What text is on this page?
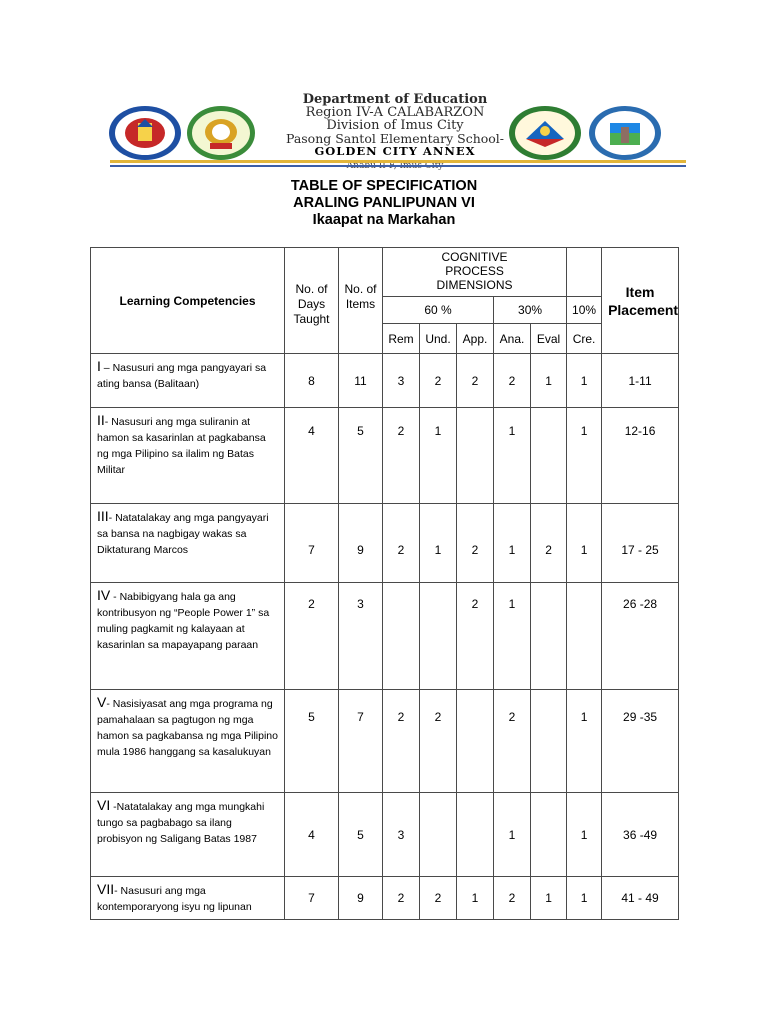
Department of Education
Region IV-A CALABARZON
Division of Imus City
Pasong Santol Elementary School-
GOLDEN CITY ANNEX
TABLE OF SPECIFICATION
ARALING PANLIPUNAN VI
Ikaapat na Markahan
Learning Competencies	No. of Days Taught	No. of Items	COGNITIVE PROCESS DIMENSIONS						Item Placement

			60 %			30%		10%	
			Rem	Und.	App.	Ana.	Eval	Cre.	
I – Nasusuri ang mga pangyayari sa ating bansa (Balitaan)	8	11	3	2	2	2	1	1	1-11
II- Nasusuri ang mga suliranin at hamon sa kasarinlan at pagkabansa ng mga Pilipino sa ilalim ng Batas Militar	4	5	2	1		1		1	12-16
III- Natatalakay ang mga pangyayari sa bansa na nagbigay wakas sa Diktaturang Marcos	7	9	2	1	2	1	2	1	17 - 25
IV - Nabibigyang hala ga ang kontribusyon ng “People Power 1” sa muling pagkamit ng kalayaan at kasarinlan sa mapayapang paraan	2	3			2	1			26 -28
V- Nasisiyasat ang mga programa ng pamahalaan sa pagtugon ng mga hamon sa pagkabansa ng mga Pilipino mula 1986 hanggang sa kasalukuyan	5	7	2	2		2		1	29 -35
VI -Natatalakay ang mga mungkahi tungo sa pagbabago sa ilang probisyon ng Saligang Batas 1987	4	5	3			1		1	36 -49
VII- Nasusuri ang mga kontemporaryong isyu ng lipunan	7	9	2	2	1	2	1	1	41 - 49
